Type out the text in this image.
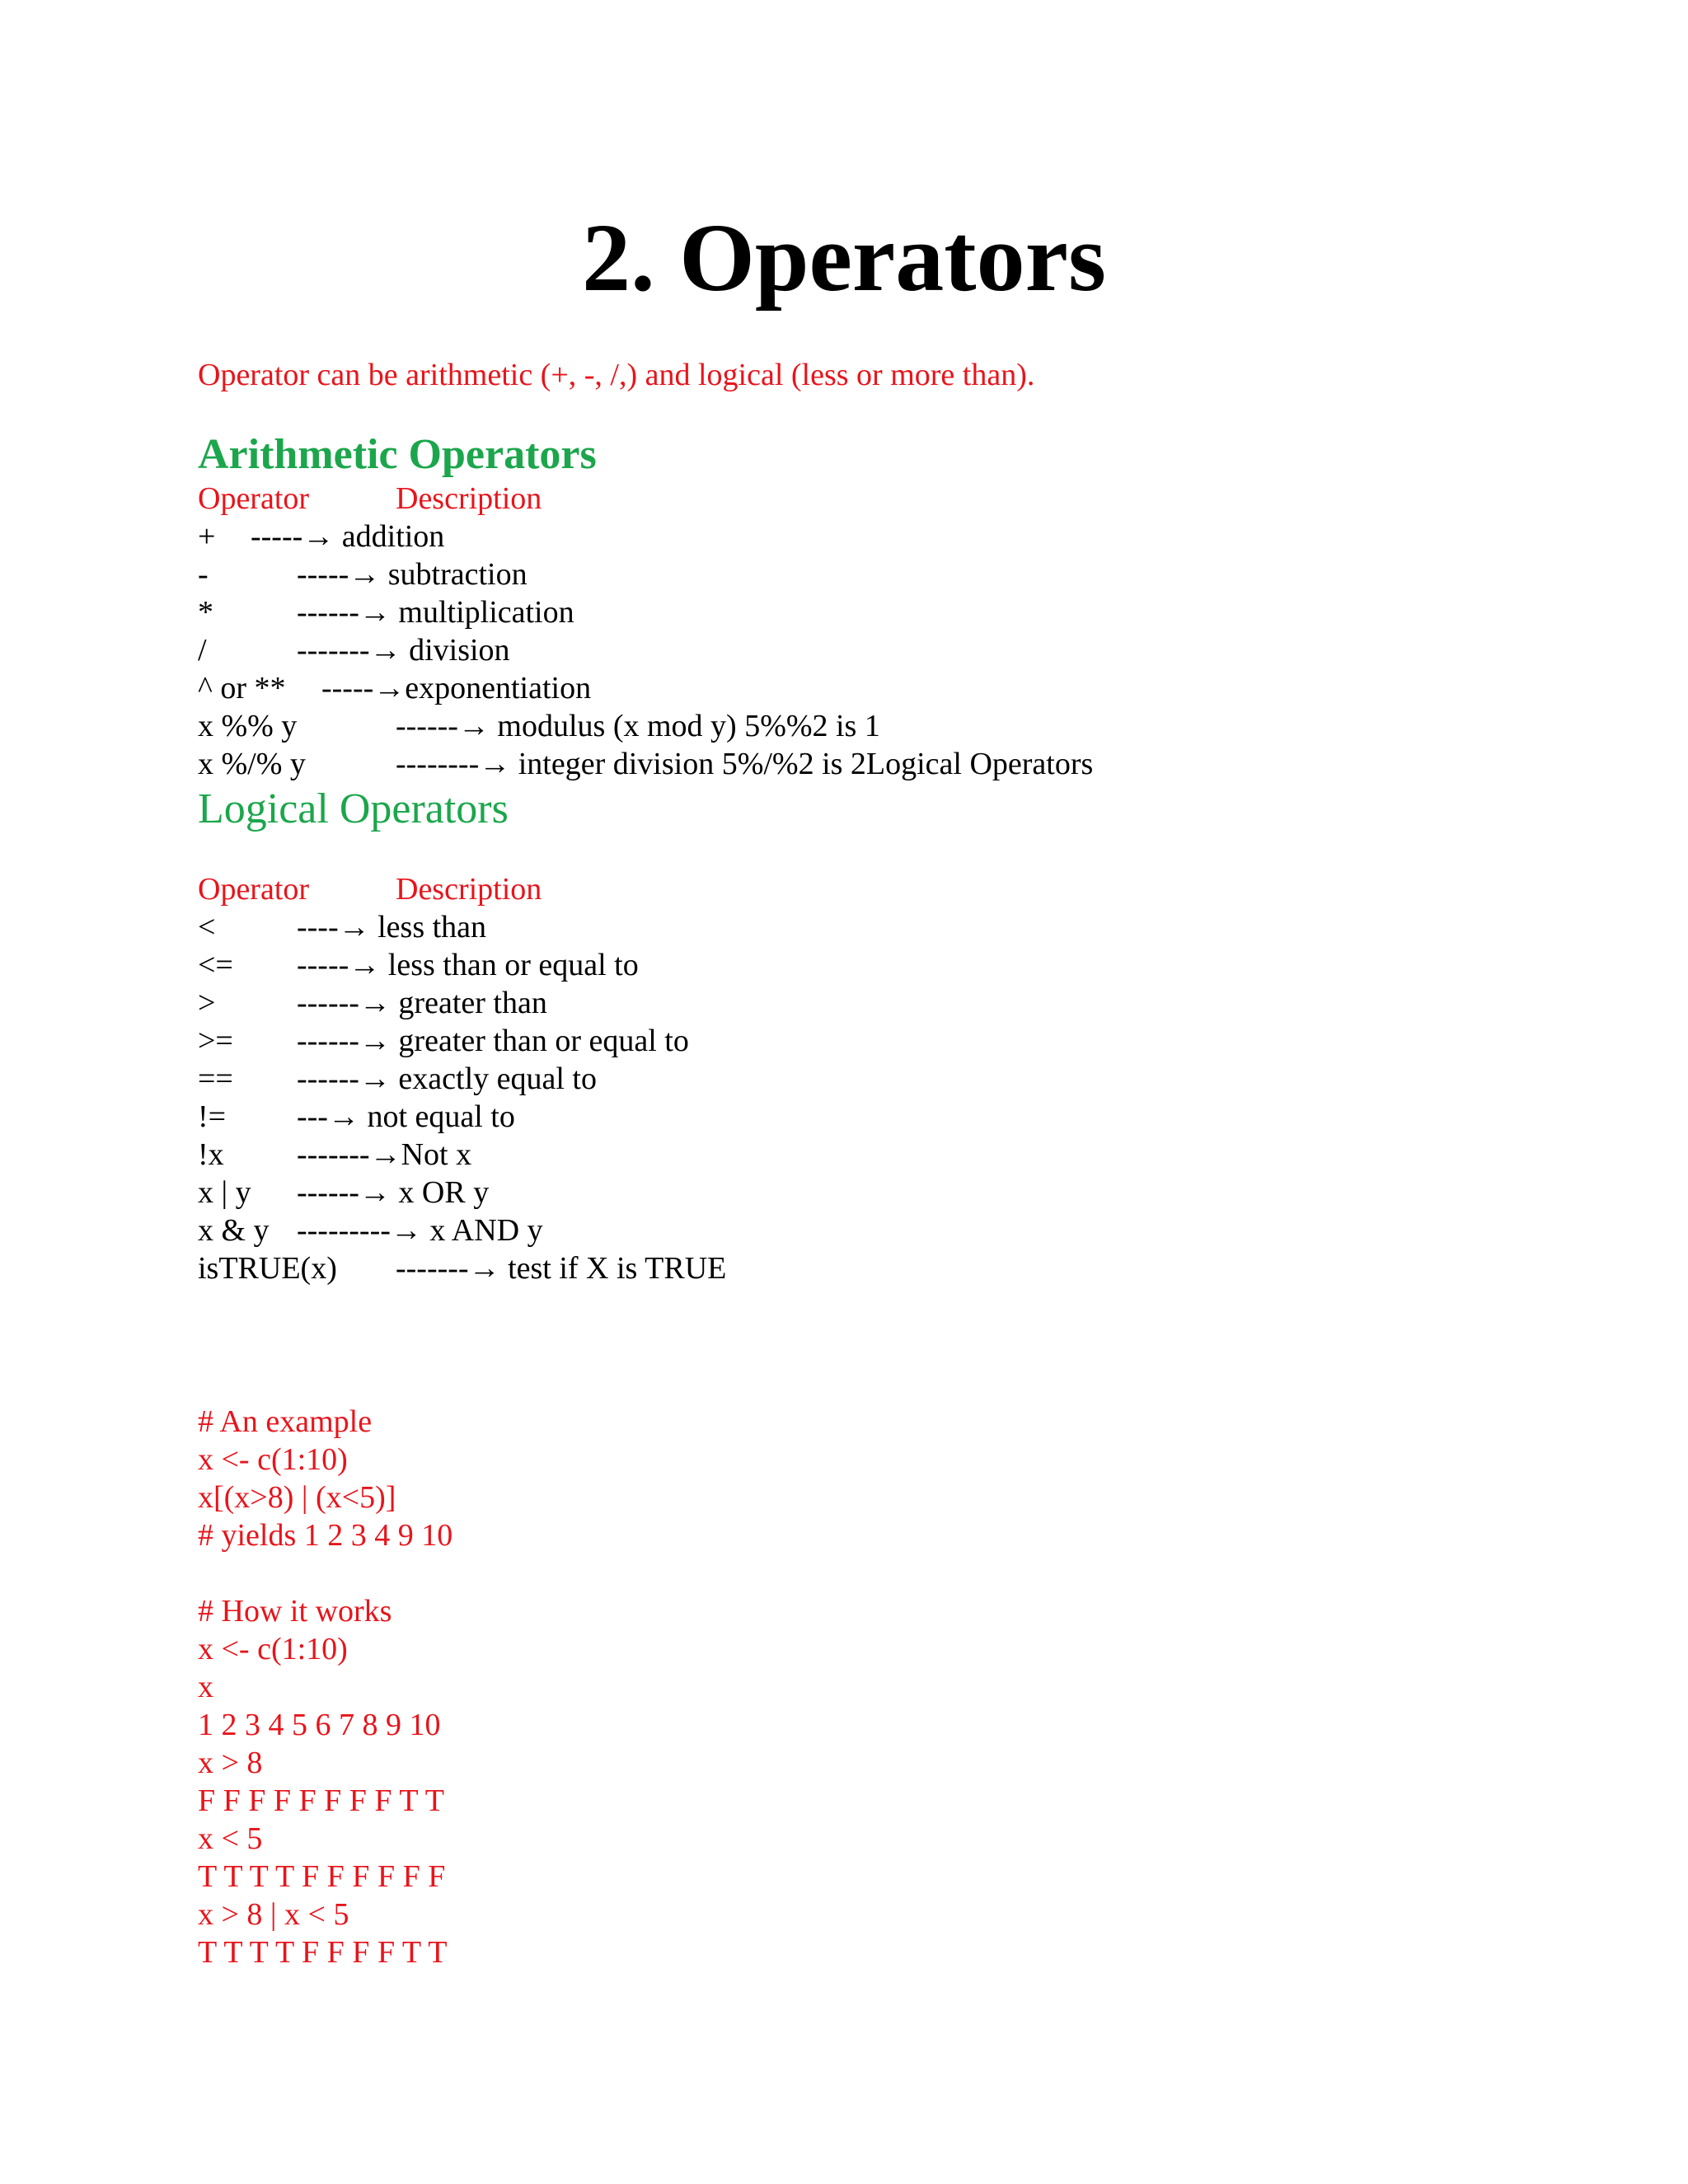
2. Operators
Operator can be arithmetic (+, -, /,) and logical (less or more than).
Arithmetic Operators
Operator	Description
+ -----→ addition
-	-----→ subtraction
*	------→ multiplication
/	-------→ division
^ or ** -----→exponentiation
x %% y	------→ modulus (x mod y) 5%%2 is 1
x %/% y	--------→ integer division 5%/%2 is 2Logical Operators
Logical Operators
Operator	Description
<	----→ less than
<= -----→ less than or equal to
>	------→ greater than
>= ------→ greater than or equal to
== ------→ exactly equal to
!= ---→ not equal to
!x -------→Not x
x | y ------→ x OR y
x & y ---------→ x AND y
isTRUE(x) -------→ test if X is TRUE
# An example
x <- c(1:10)
x[(x>8) | (x<5)]
# yields 1 2 3 4 9 10
# How it works
x <- c(1:10)
x
1 2 3 4 5 6 7 8 9 10
x > 8
F F F F F F F F T T
x < 5
T T T T F F F F F F
x > 8 | x < 5
T T T T F F F F T T
